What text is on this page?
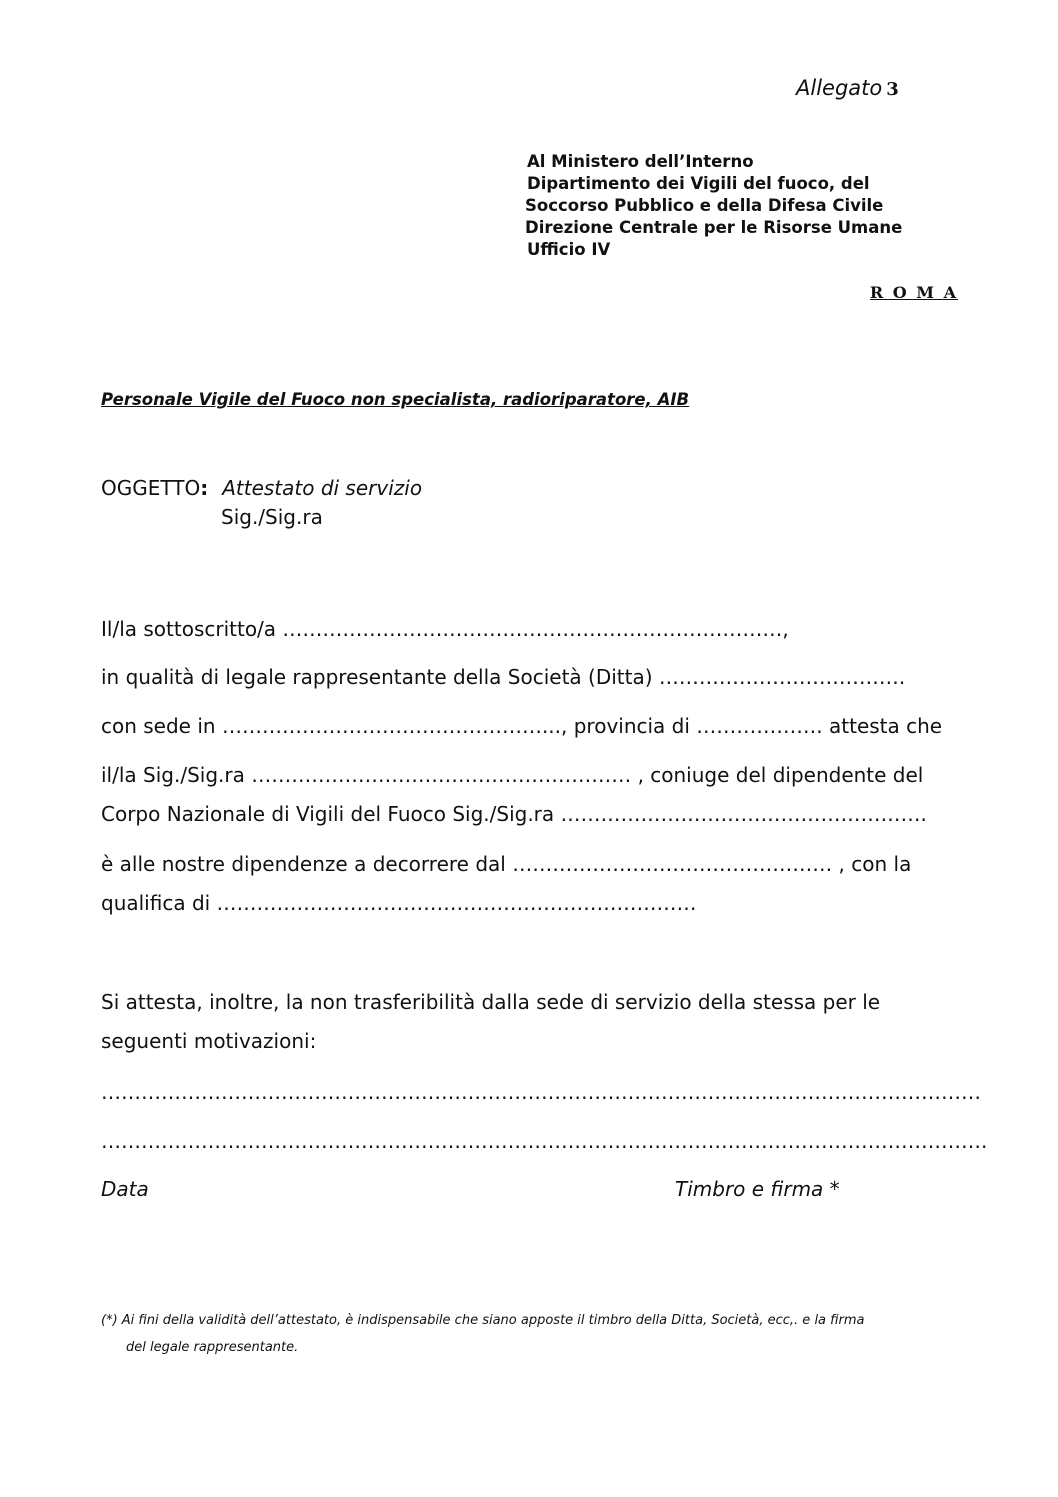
Allegato 3
Al Ministero dell’Interno
Dipartimento dei Vigili del fuoco, del
Soccorso Pubblico e della Difesa Civile
Direzione Centrale per le Risorse Umane
Ufficio IV
R O M A
Personale Vigile del Fuoco non specialista, radioriparatore, AIB
OGGETTO: Attestato di servizio
Sig./Sig.ra
Il/la sottoscritto/a …………………………………………………………………,
in qualità di legale rappresentante della Società (Ditta) ……………………………….
con sede in …………………………………………..., provincia di ………………. attesta che
il/la Sig./Sig.ra ………………………………………………… , coniuge del dipendente del
Corpo Nazionale di Vigili del Fuoco Sig./Sig.ra ……………………………………………….
è alle nostre dipendenze a decorrere dal ………………………………………… , con la
qualifica di ………………………………………………………………
Si attesta, inoltre, la non trasferibilità dalla sede di servizio della stessa per le
seguenti motivazioni:
……………………………………………………………………………………………………………………
…………………………………………………………………………………………………………………….
Data	Timbro e firma *
(*) Ai fini della validità dell’attestato, è indispensabile che siano apposte il timbro della Ditta, Società, ecc,. e la firma
del legale rappresentante.
